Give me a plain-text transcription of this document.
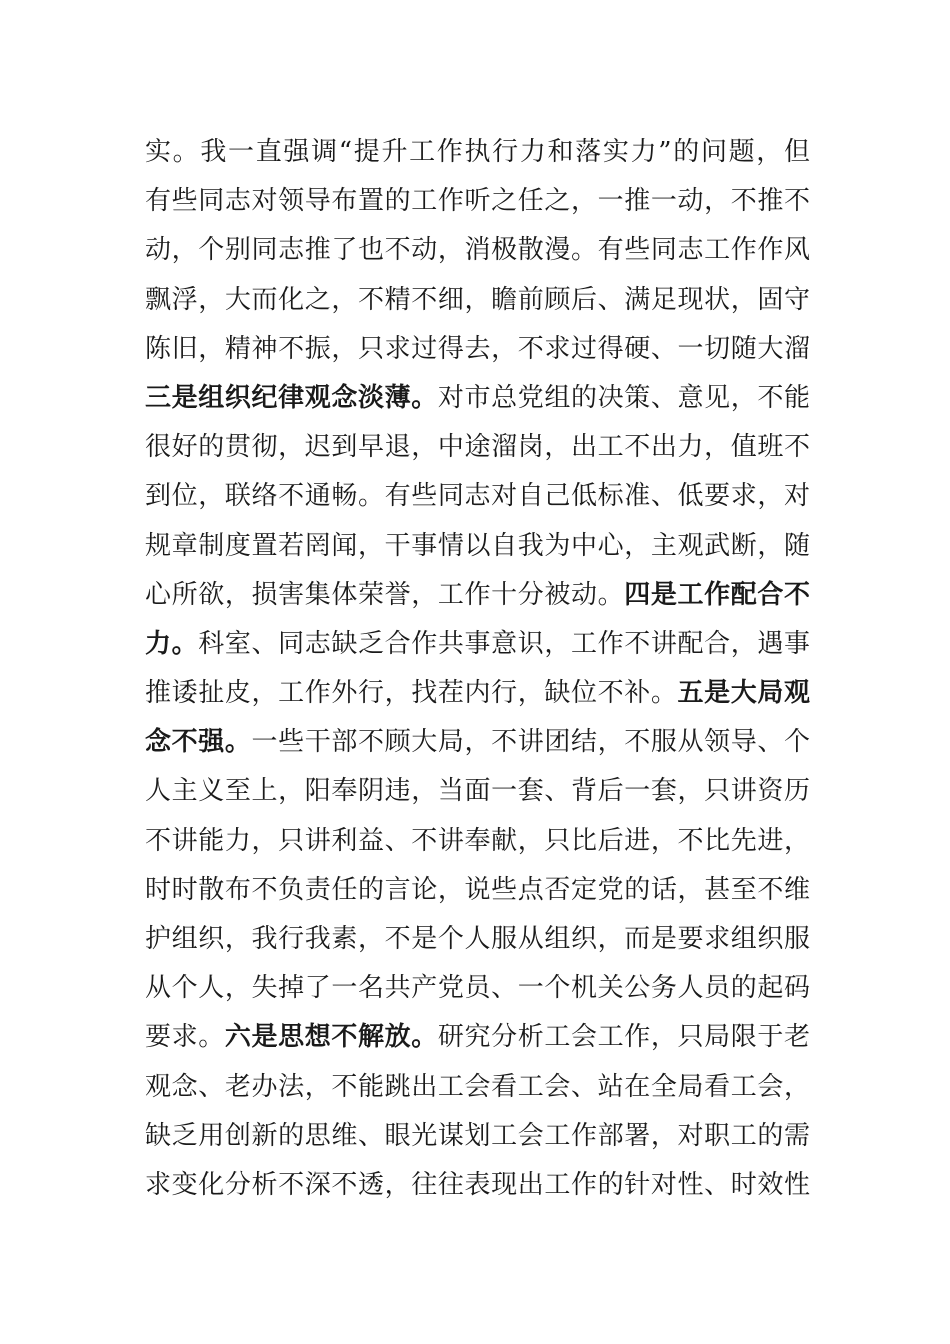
实。我一直强调“提升工作执行力和落实力”的问题，但
有些同志对领导布置的工作听之任之，一推一动，不推不
动，个别同志推了也不动，消极散漫。有些同志工作作风
飘浮，大而化之，不精不细，瞻前顾后、满足现状，固守
陈旧，精神不振，只求过得去，不求过得硬、一切随大溜
三是组织纪律观念淡薄。对市总党组的决策、意见，不能
很好的贯彻，迟到早退，中途溜岗，出工不出力，值班不
到位，联络不通畅。有些同志对自己低标准、低要求，对
规章制度置若罔闻，干事情以自我为中心，主观武断，随
心所欲，损害集体荣誉，工作十分被动。四是工作配合不
力。科室、同志缺乏合作共事意识，工作不讲配合，遇事
推诿扯皮，工作外行，找茬内行，缺位不补。五是大局观
念不强。一些干部不顾大局，不讲团结，不服从领导、个
人主义至上，阳奉阴违，当面一套、背后一套，只讲资历
不讲能力，只讲利益、不讲奉献，只比后进，不比先进，
时时散布不负责任的言论，说些点否定党的话，甚至不维
护组织，我行我素，不是个人服从组织，而是要求组织服
从个人，失掉了一名共产党员、一个机关公务人员的起码
要求。六是思想不解放。研究分析工会工作，只局限于老
观念、老办法，不能跳出工会看工会、站在全局看工会，
缺乏用创新的思维、眼光谋划工会工作部署，对职工的需
求变化分析不深不透，往往表现出工作的针对性、时效性
